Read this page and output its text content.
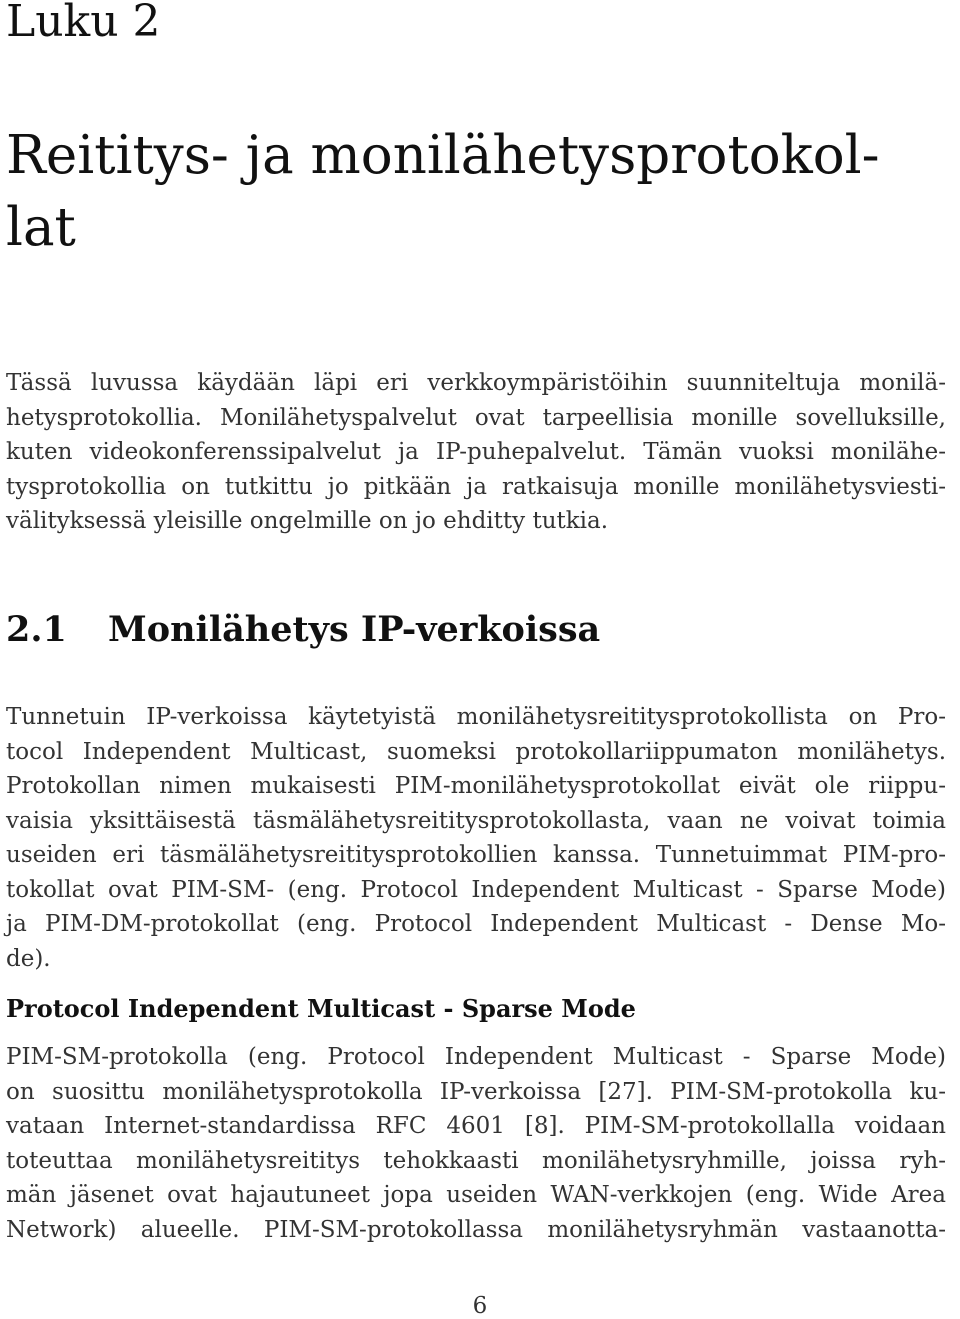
Luku 2
Reititys- ja monilähetysprotokol-
lat

Tässä luvussa käydään läpi eri verkkoympäristöihin suunniteltuja monilä-
hetysprotokollia. Monilähetyspalvelut ovat tarpeellisia monille sovelluksille,
kuten videokonferenssipalvelut ja IP-puhepalvelut. Tämän vuoksi monilähe-
tysprotokollia on tutkittu jo pitkään ja ratkaisuja monille monilähetysviesti-
välityksessä yleisille ongelmille on jo ehditty tutkia.

2.1 Monilähetys IP-verkoissa

Tunnetuin IP-verkoissa käytetyistä monilähetysreititysprotokollista on Pro-
tocol Independent Multicast, suomeksi protokollariippumaton monilähetys.
Protokollan nimen mukaisesti PIM-monilähetysprotokollat eivät ole riippu-
vaisia yksittäisestä täsmälähetysreititysprotokollasta, vaan ne voivat toimia
useiden eri täsmälähetysreititysprotokollien kanssa. Tunnetuimmat PIM-pro-
tokollat ovat PIM-SM- (eng. Protocol Independent Multicast - Sparse Mode)
ja PIM-DM-protokollat (eng. Protocol Independent Multicast - Dense Mo-
de).

Protocol Independent Multicast - Sparse Mode

PIM-SM-protokolla (eng. Protocol Independent Multicast - Sparse Mode)
on suosittu monilähetysprotokolla IP-verkoissa [27]. PIM-SM-protokolla ku-
vataan Internet-standardissa RFC 4601 [8]. PIM-SM-protokollalla voidaan
toteuttaa monilähetysreititys tehokkaasti monilähetysryhmille, joissa ryh-
män jäsenet ovat hajautuneet jopa useiden WAN-verkkojen (eng. Wide Area
Network) alueelle. PIM-SM-protokollassa monilähetysryhmän vastaanotta-

6
